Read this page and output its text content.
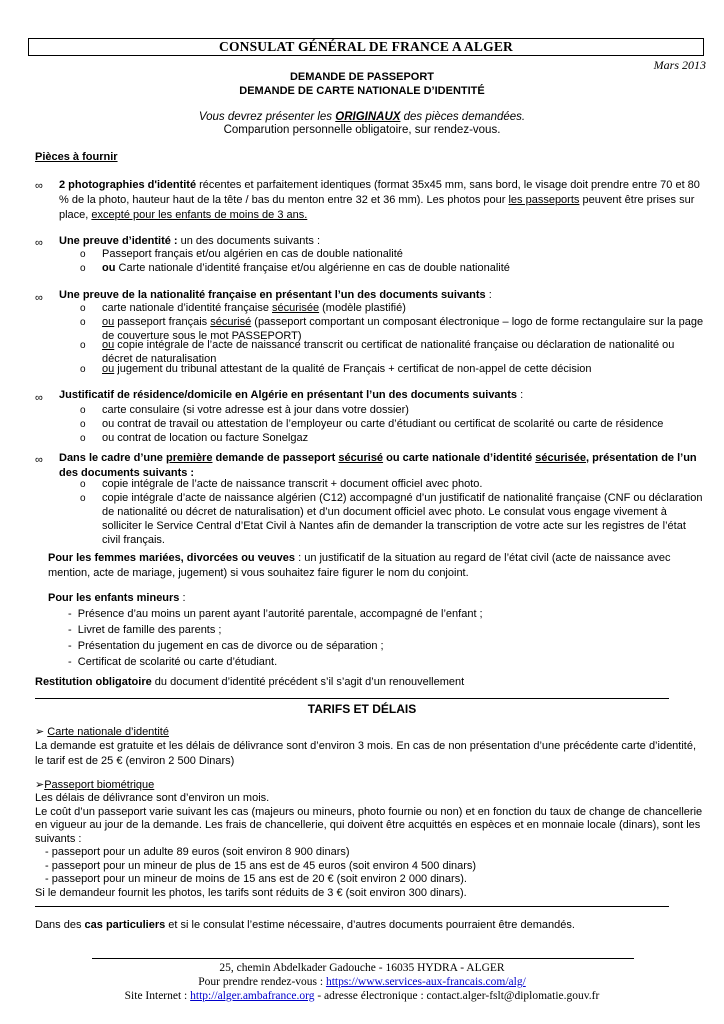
CONSULAT GÉNÉRAL DE FRANCE A ALGER
Mars 2013
DEMANDE DE PASSEPORT
DEMANDE DE CARTE NATIONALE D’IDENTITÉ
Vous devrez présenter les ORIGINAUX des pièces demandées.
Comparution personnelle obligatoire, sur rendez-vous.
Pièces à fournir
∞ 2 photographies d'identité récentes et parfaitement identiques (format 35x45 mm, sans bord, le visage doit prendre entre 70 et 80
% de la photo, hauteur haut de la tête / bas du menton entre 32 et 36 mm). Les photos pour les passeports peuvent être prises sur
place, excepté pour les enfants de moins de 3 ans.
∞ Une preuve d’identité : un des documents suivants :
o Passeport français et/ou algérien en cas de double nationalité
o ou Carte nationale d’identité française et/ou algérienne en cas de double nationalité
∞ Une preuve de la nationalité française en présentant l’un des documents suivants :
o carte nationale d’identité française sécurisée (modèle plastifié)
o ou passeport français sécurisé (passeport comportant un composant électronique – logo de forme rectangulaire sur la page
de couverture sous le mot PASSEPORT)
o ou copie intégrale de l’acte de naissance transcrit ou certificat de nationalité française ou déclaration de nationalité ou
décret de naturalisation
o ou jugement du tribunal attestant de la qualité de Français + certificat de non-appel de cette décision
∞ Justificatif de résidence/domicile en Algérie en présentant l’un des documents suivants :
o carte consulaire (si votre adresse est à jour dans votre dossier)
o ou contrat de travail ou attestation de l’employeur ou carte d’étudiant ou certificat de scolarité ou carte de résidence
o ou contrat de location ou facture Sonelgaz
∞ Dans le cadre d’une première demande de passeport sécurisé ou carte nationale d’identité sécurisée, présentation de l’un
des documents suivants :
o copie intégrale de l’acte de naissance transcrit + document officiel avec photo.
o copie intégrale d’acte de naissance algérien (C12) accompagné d’un justificatif de nationalité française (CNF ou déclaration
de nationalité ou décret de naturalisation) et d’un document officiel avec photo. Le consulat vous engage vivement à
solliciter le Service Central d’Etat Civil à Nantes afin de demander la transcription de votre acte sur les registres de l’état
civil français.
Pour les femmes mariées, divorcées ou veuves : un justificatif de la situation au regard de l’état civil (acte de naissance avec
mention, acte de mariage, jugement) si vous souhaitez faire figurer le nom du conjoint.
Pour les enfants mineurs :
- Présence d’au moins un parent ayant l’autorité parentale, accompagné de l’enfant ;
- Livret de famille des parents ;
- Présentation du jugement en cas de divorce ou de séparation ;
- Certificat de scolarité ou carte d’étudiant.
Restitution obligatoire du document d’identité précédent s’il s’agit d’un renouvellement
TARIFS ET DÉLAIS
➢ Carte nationale d’identité
La demande est gratuite et les délais de délivrance sont d’environ 3 mois. En cas de non présentation d’une précédente carte d’identité,
le tarif est de 25 € (environ 2 500 Dinars)
➢Passeport biométrique
Les délais de délivrance sont d’environ un mois.
Le coût d’un passeport varie suivant les cas (majeurs ou mineurs, photo fournie ou non) et en fonction du taux de change de chancellerie
en vigueur au jour de la demande. Les frais de chancellerie, qui doivent être acquittés en espèces et en monnaie locale (dinars), sont les
suivants :
- passeport pour un adulte 89 euros (soit environ 8 900 dinars)
- passeport pour un mineur de plus de 15 ans est de 45 euros (soit environ 4 500 dinars)
- passeport pour un mineur de moins de 15 ans est de 20 € (soit environ 2 000 dinars).
Si le demandeur fournit les photos, les tarifs sont réduits de 3 € (soit environ 300 dinars).
Dans des cas particuliers et si le consulat l’estime nécessaire, d’autres documents pourraient être demandés.
25, chemin Abdelkader Gadouche - 16035 HYDRA - ALGER
Pour prendre rendez-vous : https://www.services-aux-francais.com/alg/
Site Internet : http://alger.ambafrance.org - adresse électronique : contact.alger-fslt@diplomatie.gouv.fr
